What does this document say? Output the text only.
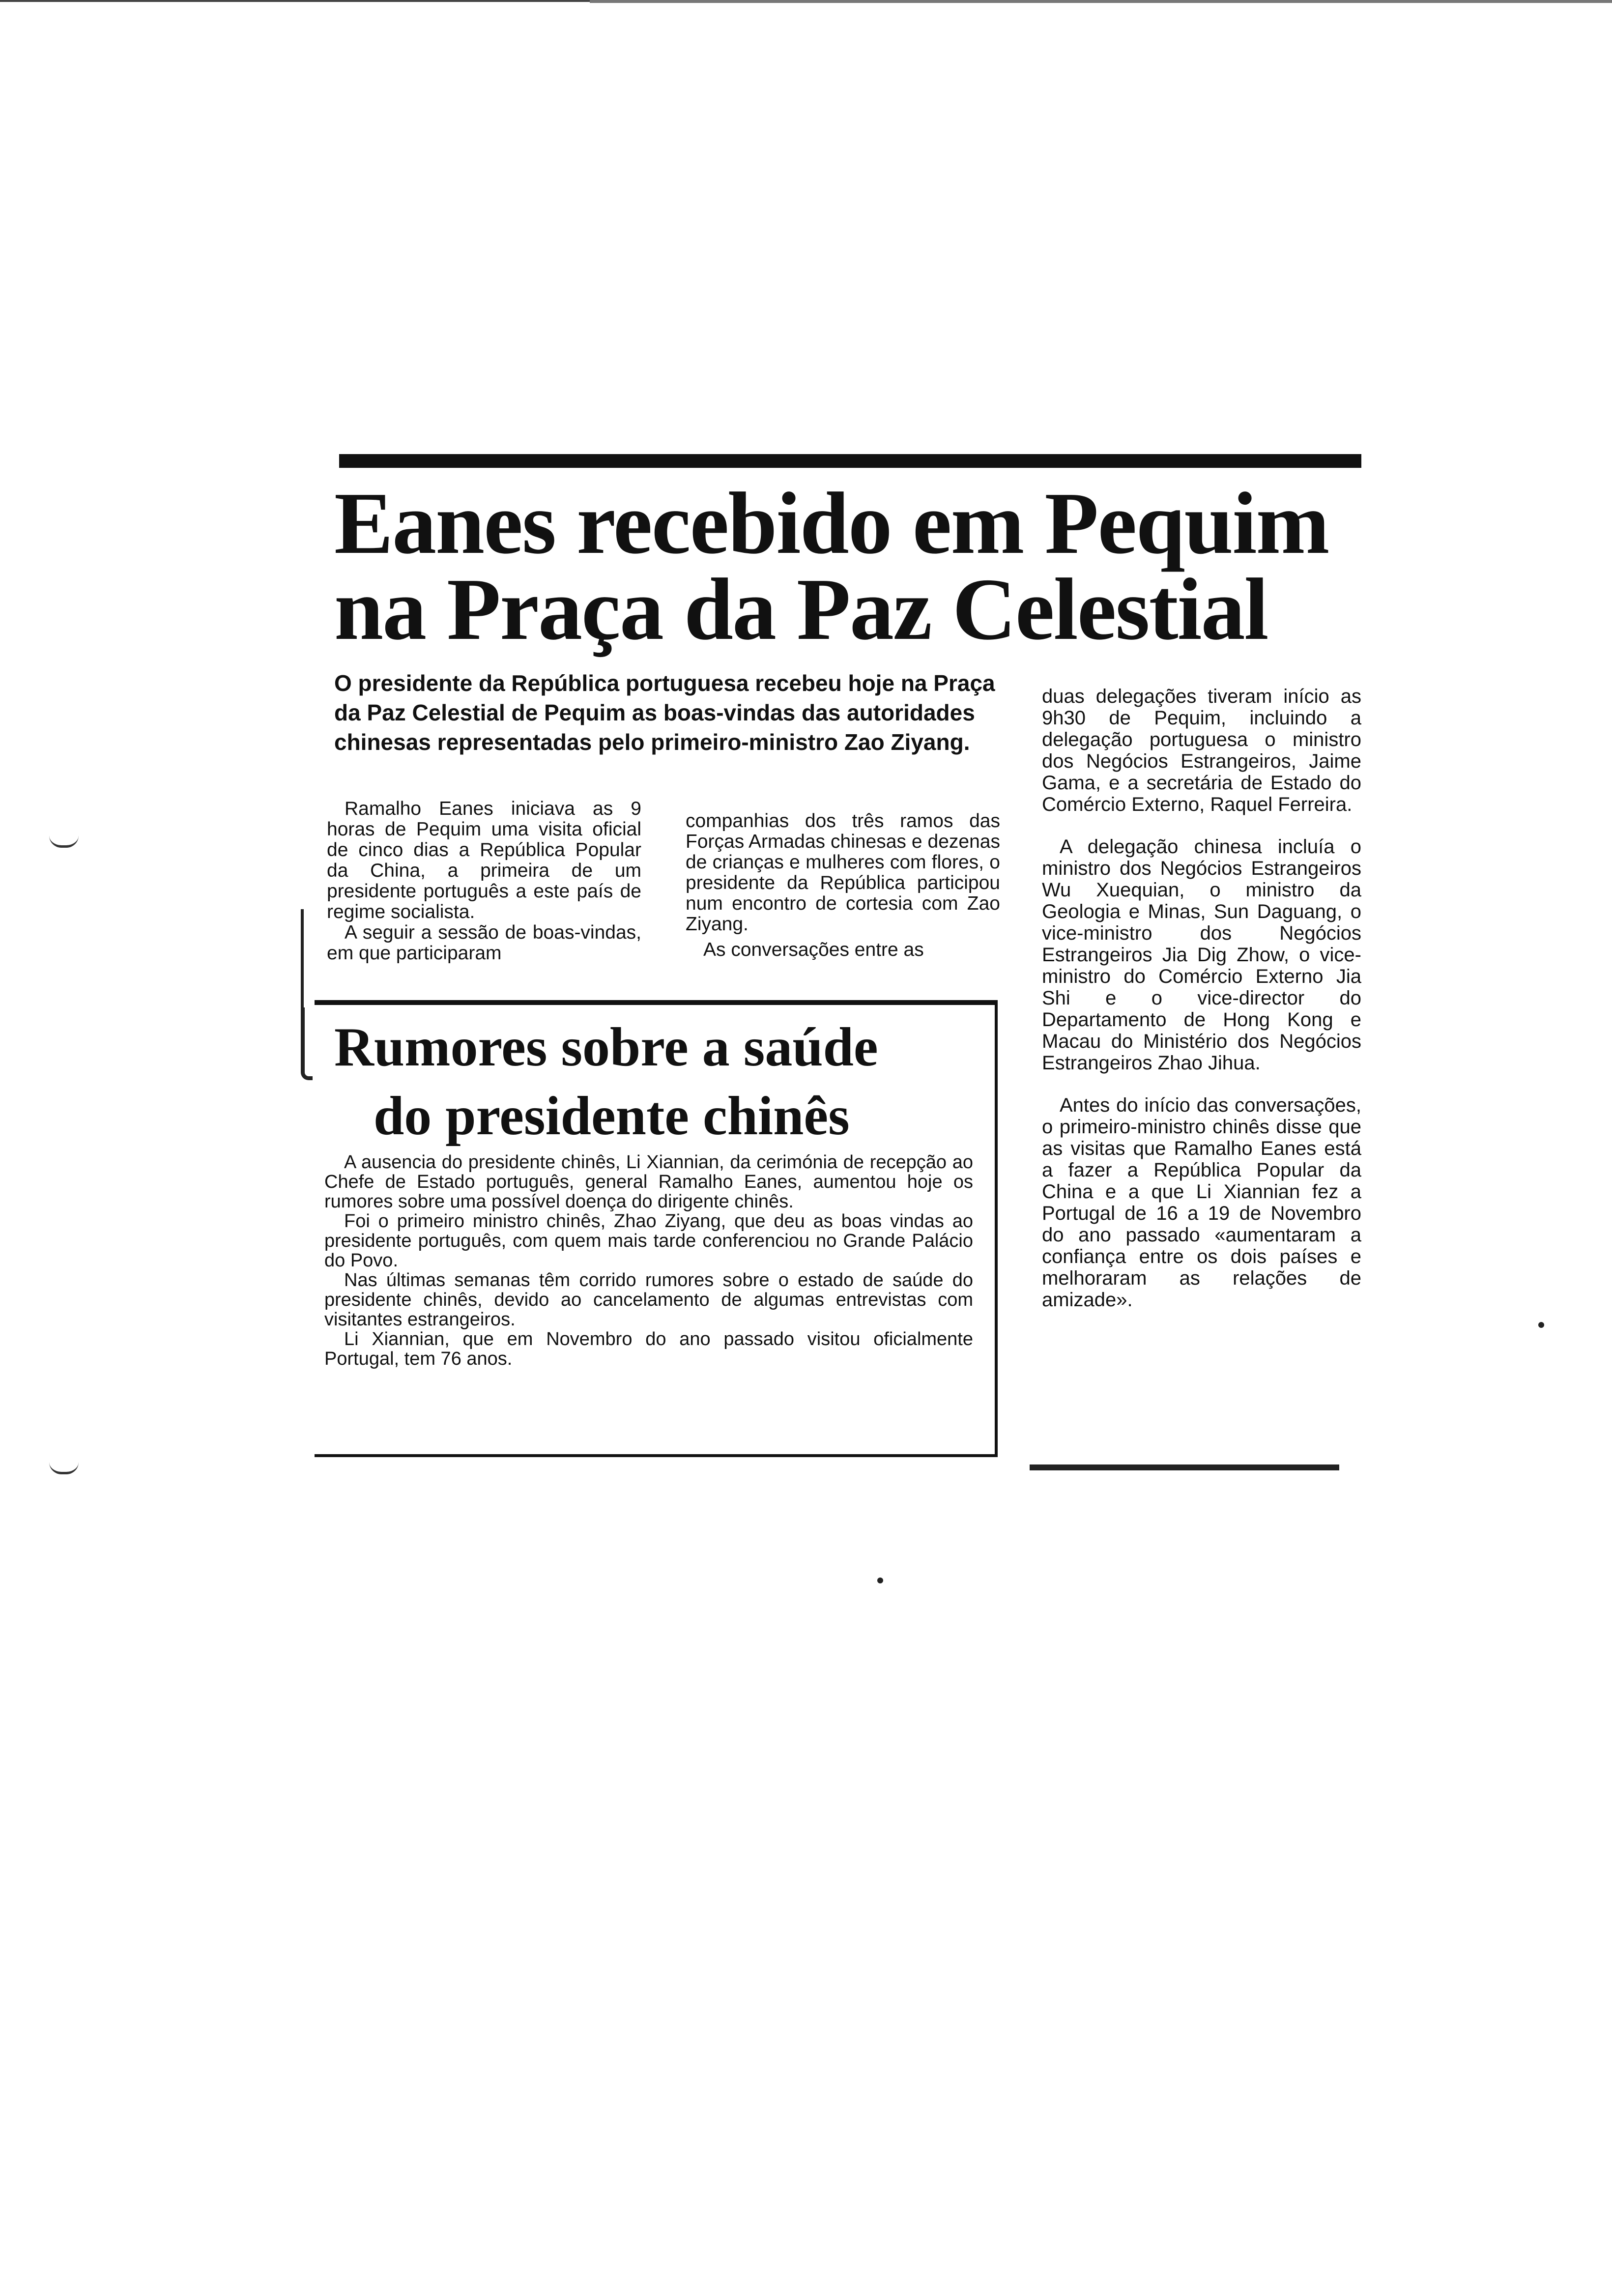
Eanes recebido em Pequim
na Praça da Paz Celestial

O presidente da República portuguesa recebeu hoje na Praça da Paz Celestial de Pequim as boas-vindas das autoridades chinesas representadas pelo primeiro-ministro Zao Ziyang.

Ramalho Eanes iniciava as 9 horas de Pequim uma visita oficial de cinco dias a República Popular da China, a primeira de um presidente português a este país de regime socialista.

A seguir a sessão de boas-vindas, em que participaram

companhias dos três ramos das Forças Armadas chinesas e dezenas de crianças e mulheres com flores, o presidente da República participou num encontro de cortesia com Zao Ziyang.

As conversações entre as

duas delegações tiveram início as 9h30 de Pequim, incluindo a delegação portuguesa o ministro dos Negócios Estrangeiros, Jaime Gama, e a secretária de Estado do Comércio Externo, Raquel Ferreira.

A delegação chinesa incluía o ministro dos Negócios Estrangeiros Wu Xuequian, o ministro da Geologia e Minas, Sun Daguang, o vice-ministro dos Negócios Estrangeiros Jia Dig Zhow, o vice-ministro do Comércio Externo Jia Shi e o vice-director do Departamento de Hong Kong e Macau do Ministério dos Negócios Estrangeiros Zhao Jihua.

Antes do início das conversações, o primeiro-ministro chinês disse que as visitas que Ramalho Eanes está a fazer a República Popular da China e a que Li Xiannian fez a Portugal de 16 a 19 de Novembro do ano passado «aumentaram a confiança entre os dois países e melhoraram as relações de amizade».

Rumores sobre a saúde
do presidente chinês

A ausencia do presidente chinês, Li Xiannian, da cerimónia de recepção ao Chefe de Estado português, general Ramalho Eanes, aumentou hoje os rumores sobre uma possível doença do dirigente chinês.

Foi o primeiro ministro chinês, Zhao Ziyang, que deu as boas vindas ao presidente português, com quem mais tarde conferenciou no Grande Palácio do Povo.

Nas últimas semanas têm corrido rumores sobre o estado de saúde do presidente chinês, devido ao cancelamento de algumas entrevistas com visitantes estrangeiros.

Li Xiannian, que em Novembro do ano passado visitou oficialmente Portugal, tem 76 anos.
